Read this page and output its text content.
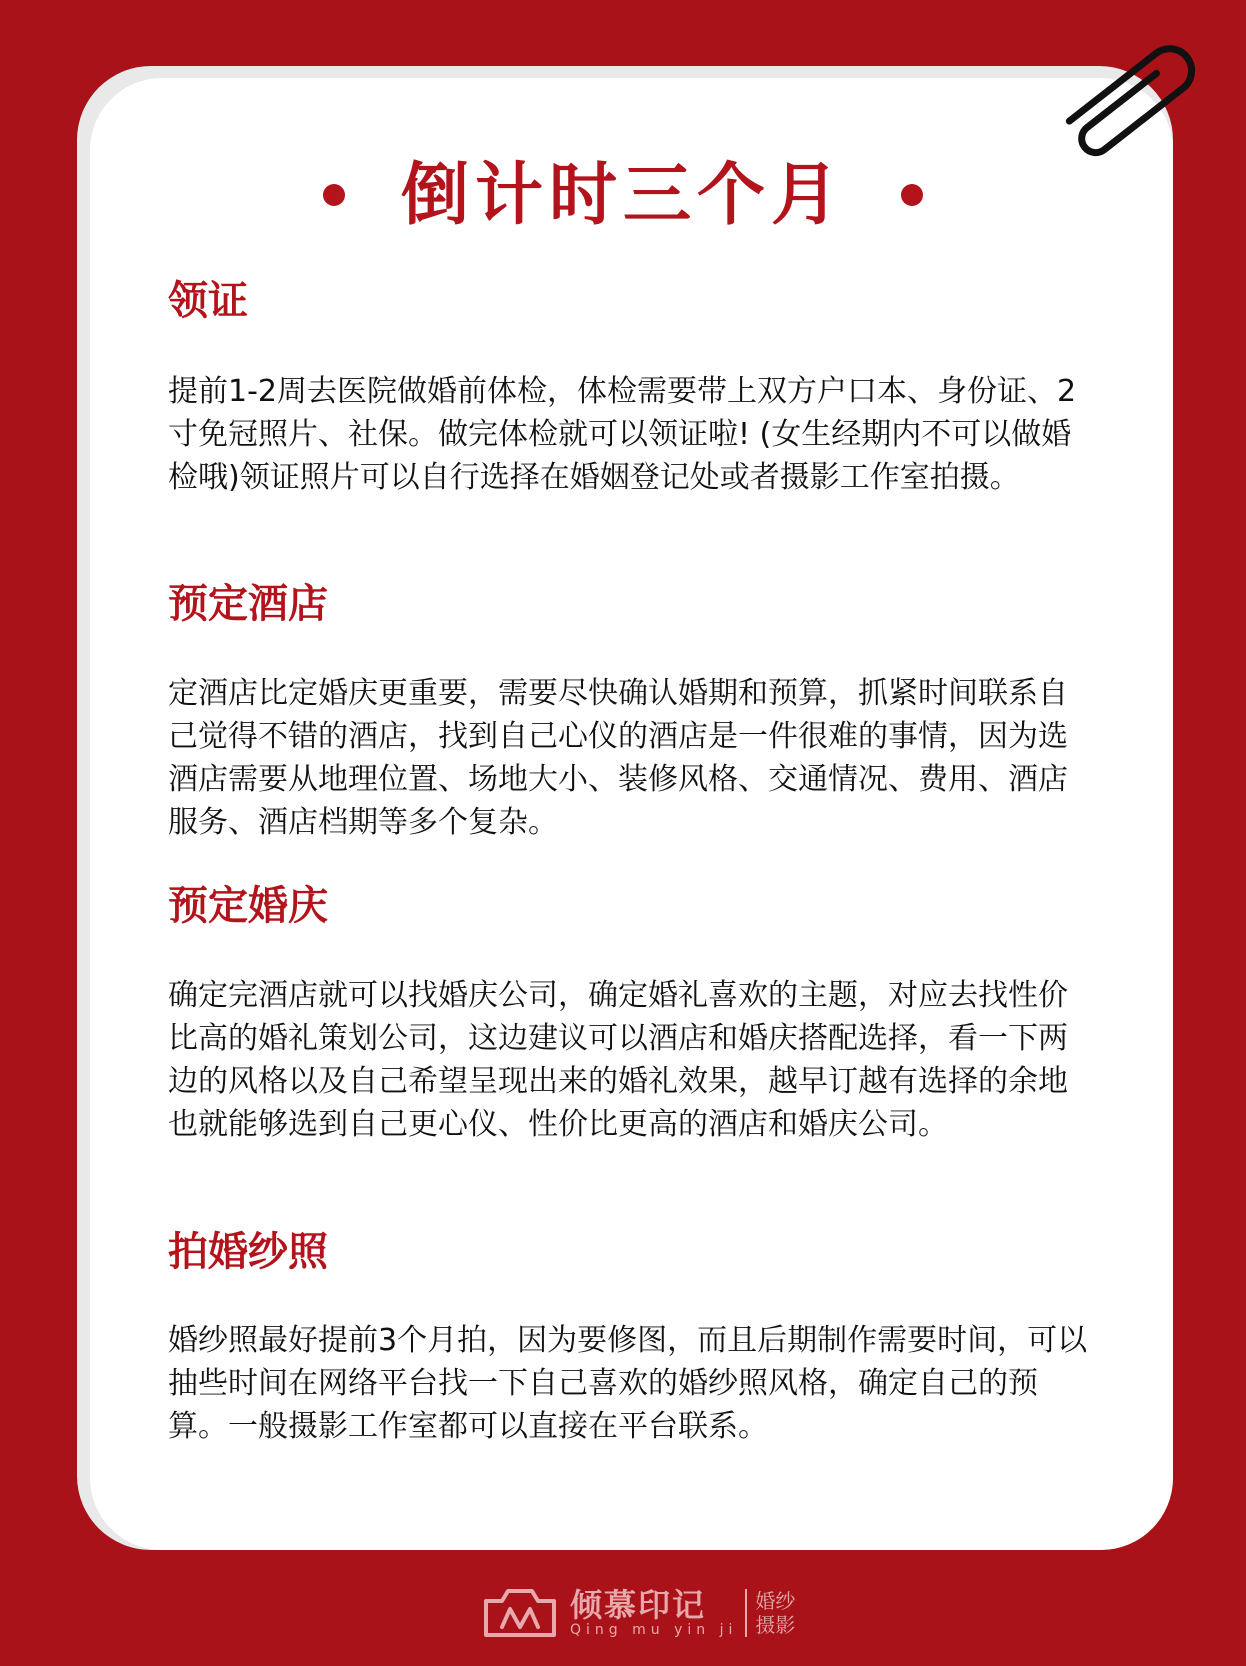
倒计时三个月
领证

提前1-2周去医院做婚前体检，体检需要带上双方户口本、身份证、2寸免冠照片、社保。做完体检就可以领证啦! (女生经期内不可以做婚检哦)领证照片可以自行选择在婚姻登记处或者摄影工作室拍摄。

预定酒店

定酒店比定婚庆更重要，需要尽快确认婚期和预算，抓紧时间联系自己觉得不错的酒店，找到自己心仪的酒店是一件很难的事情，因为选酒店需要从地理位置、场地大小、装修风格、交通情况、费用、酒店服务、酒店档期等多个复杂。

预定婚庆

确定完酒店就可以找婚庆公司，确定婚礼喜欢的主题，对应去找性价比高的婚礼策划公司，这边建议可以酒店和婚庆搭配选择，看一下两边的风格以及自己希望呈现出来的婚礼效果，越早订越有选择的余地也就能够选到自己更心仪、性价比更高的酒店和婚庆公司。

拍婚纱照

婚纱照最好提前3个月拍，因为要修图，而且后期制作需要时间，可以抽些时间在网络平台找一下自己喜欢的婚纱照风格，确定自己的预算。一般摄影工作室都可以直接在平台联系。

倾慕印记
Qing mu yin ji
婚纱
摄影
